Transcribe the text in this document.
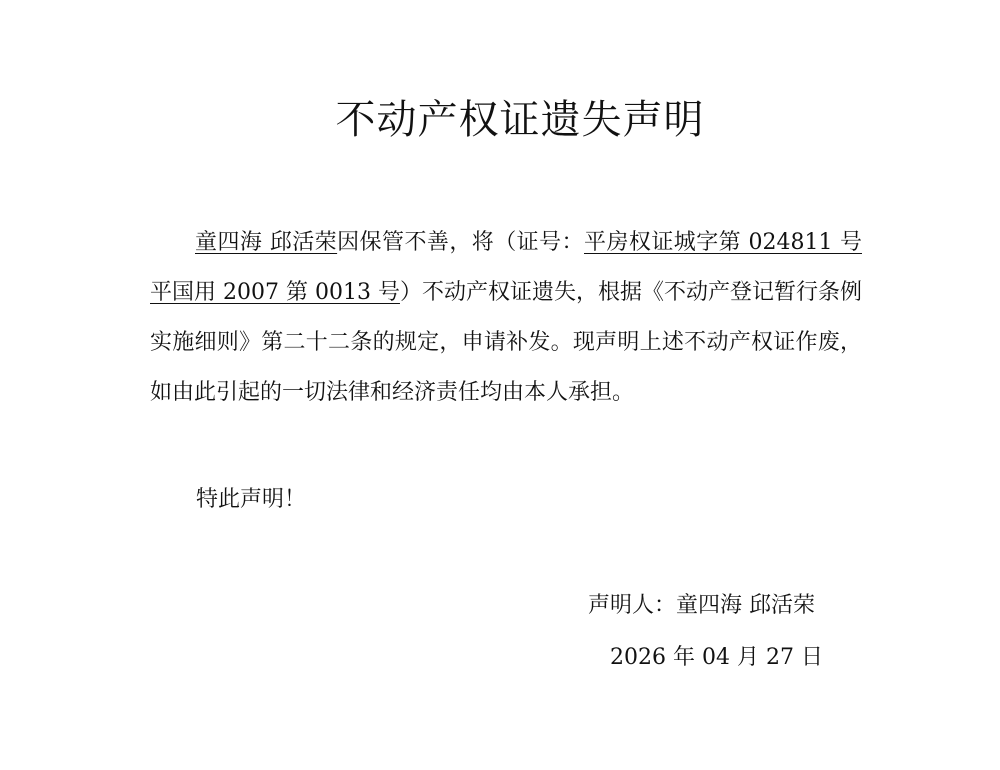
不动产权证遗失声明

童四海 邱活荣因保管不善，将（证号：平房权证城字第 024811 号平国用 2007 第 0013 号）不动产权证遗失，根据《不动产登记暂行条例实施细则》第二十二条的规定，申请补发。现声明上述不动产权证作废，如由此引起的一切法律和经济责任均由本人承担。

特此声明！

声明人：童四海 邱活荣

2026 年 04 月 27 日
